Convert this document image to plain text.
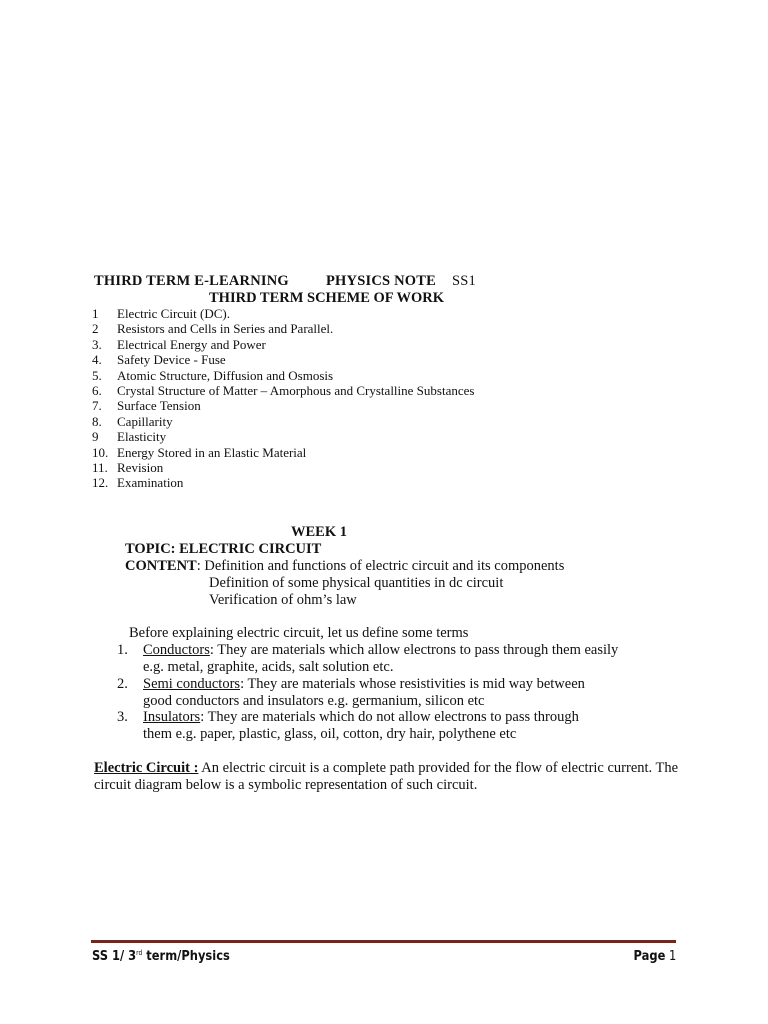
THIRD TERM E-LEARNING	PHYSICS NOTE SS1
THIRD TERM SCHEME OF WORK
1 Electric Circuit (DC).
2 Resistors and Cells in Series and Parallel.
3. Electrical Energy and Power
4. Safety Device - Fuse
5. Atomic Structure, Diffusion and Osmosis
6. Crystal Structure of Matter – Amorphous and Crystalline Substances
7. Surface Tension
8. Capillarity
9 Elasticity
10. Energy Stored in an Elastic Material
11. Revision
12. Examination
WEEK 1
TOPIC: ELECTRIC CIRCUIT
CONTENT: Definition and functions of electric circuit and its components
Definition of some physical quantities in dc circuit
Verification of ohm’s law
Before explaining electric circuit, let us define some terms
1. Conductors: They are materials which allow electrons to pass through them easily
e.g. metal, graphite, acids, salt solution etc.
2. Semi conductors: They are materials whose resistivities is mid way between
good conductors and insulators e.g. germanium, silicon etc
3. Insulators: They are materials which do not allow electrons to pass through
them e.g. paper, plastic, glass, oil, cotton, dry hair, polythene etc
Electric Circuit : An electric circuit is a complete path provided for the flow of electric current. The circuit diagram below is a symbolic representation of such circuit.
SS 1/ 3rd term/Physics	Page 1
